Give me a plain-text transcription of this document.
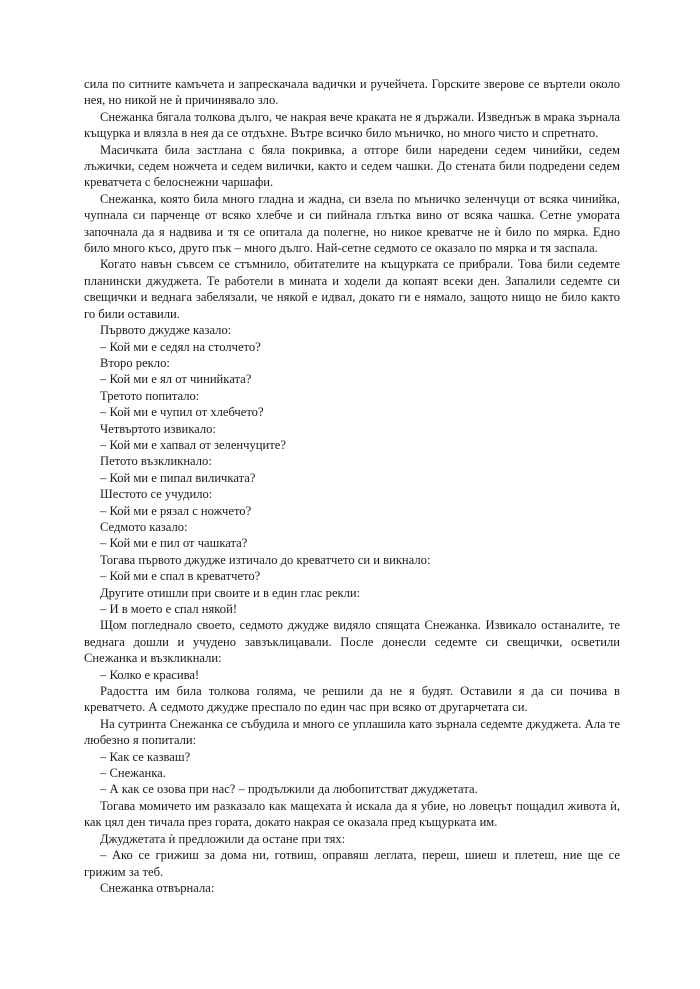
сила по ситните камъчета и запрескачала вадички и ручейчета. Горските зверове се въртели около нея, но никой не ѝ причинявало зло.

Снежанка бягала толкова дълго, че накрая вече краката не я държали. Изведнъж в мрака зърнала къщурка и влязла в нея да се отдъхне. Вътре всичко било мъничко, но много чисто и спретнато.

Масичката била застлана с бяла покривка, а отгоре били наредени седем чинийки, седем лъжички, седем ножчета и седем вилички, както и седем чашки. До стената били подредени седем креватчета с белоснежни чаршафи.

Снежанка, която била много гладна и жадна, си взела по мъничко зеленчуци от всяка чинийка, чупнала си парченце от всяко хлебче и си пийнала глътка вино от всяка чашка. Сетне умората започнала да я надвива и тя се опитала да полегне, но никое креватче не ѝ било по мярка. Едно било много късо, друго пък – много дълго. Най-сетне седмото се оказало по мярка и тя заспала.

Когато навън съвсем се стъмнило, обитателите на къщурката се прибрали. Това били седемте планински джуджета. Те работели в мината и ходели да копаят всеки ден. Запалили седемте си свещички и веднага забелязали, че някой е идвал, докато ги е нямало, защото нищо не било както го били оставили.

Първото джудже казало:

– Кой ми е седял на столчето?

Второ рекло:

– Кой ми е ял от чинийката?

Третото попитало:

– Кой ми е чупил от хлебчето?

Четвъртото извикало:

– Кой ми е хапвал от зеленчуците?

Петото възкликнало:

– Кой ми е пипал виличката?

Шестото се учудило:

– Кой ми е рязал с ножчето?

Седмото казало:

– Кой ми е пил от чашката?

Тогава първото джудже изтичало до креватчето си и викнало:

– Кой ми е спал в креватчето?

Другите отишли при своите и в един глас рекли:

– И в моето е спал някой!

Щом погледнало своето, седмото джудже видяло спящата Снежанка. Извикало останалите, те веднага дошли и учудено завзъклицавали. После донесли седемте си свещички, осветили Снежанка и възкликнали:

– Колко е красива!

Радостта им била толкова голяма, че решили да не я будят. Оставили я да си почива в креватчето. А седмото джудже преспало по един час при всяко от другарчетата си.

На сутринта Снежанка се събудила и много се уплашила като зърнала седемте джуджета. Ала те любезно я попитали:

– Как се казваш?

– Снежанка.

– А как се озова при нас? – продължили да любопитстват джуджетата.

Тогава момичето им разказало как мащехата ѝ искала да я убие, но ловецът пощадил живота ѝ, как цял ден тичала през гората, докато накрая се оказала пред къщурката им.

Джуджетата ѝ предложили да остане при тях:

– Ако се грижиш за дома ни, готвиш, оправяш леглата, переш, шиеш и плетеш, ние ще се грижим за теб.

Снежанка отвърнала:
